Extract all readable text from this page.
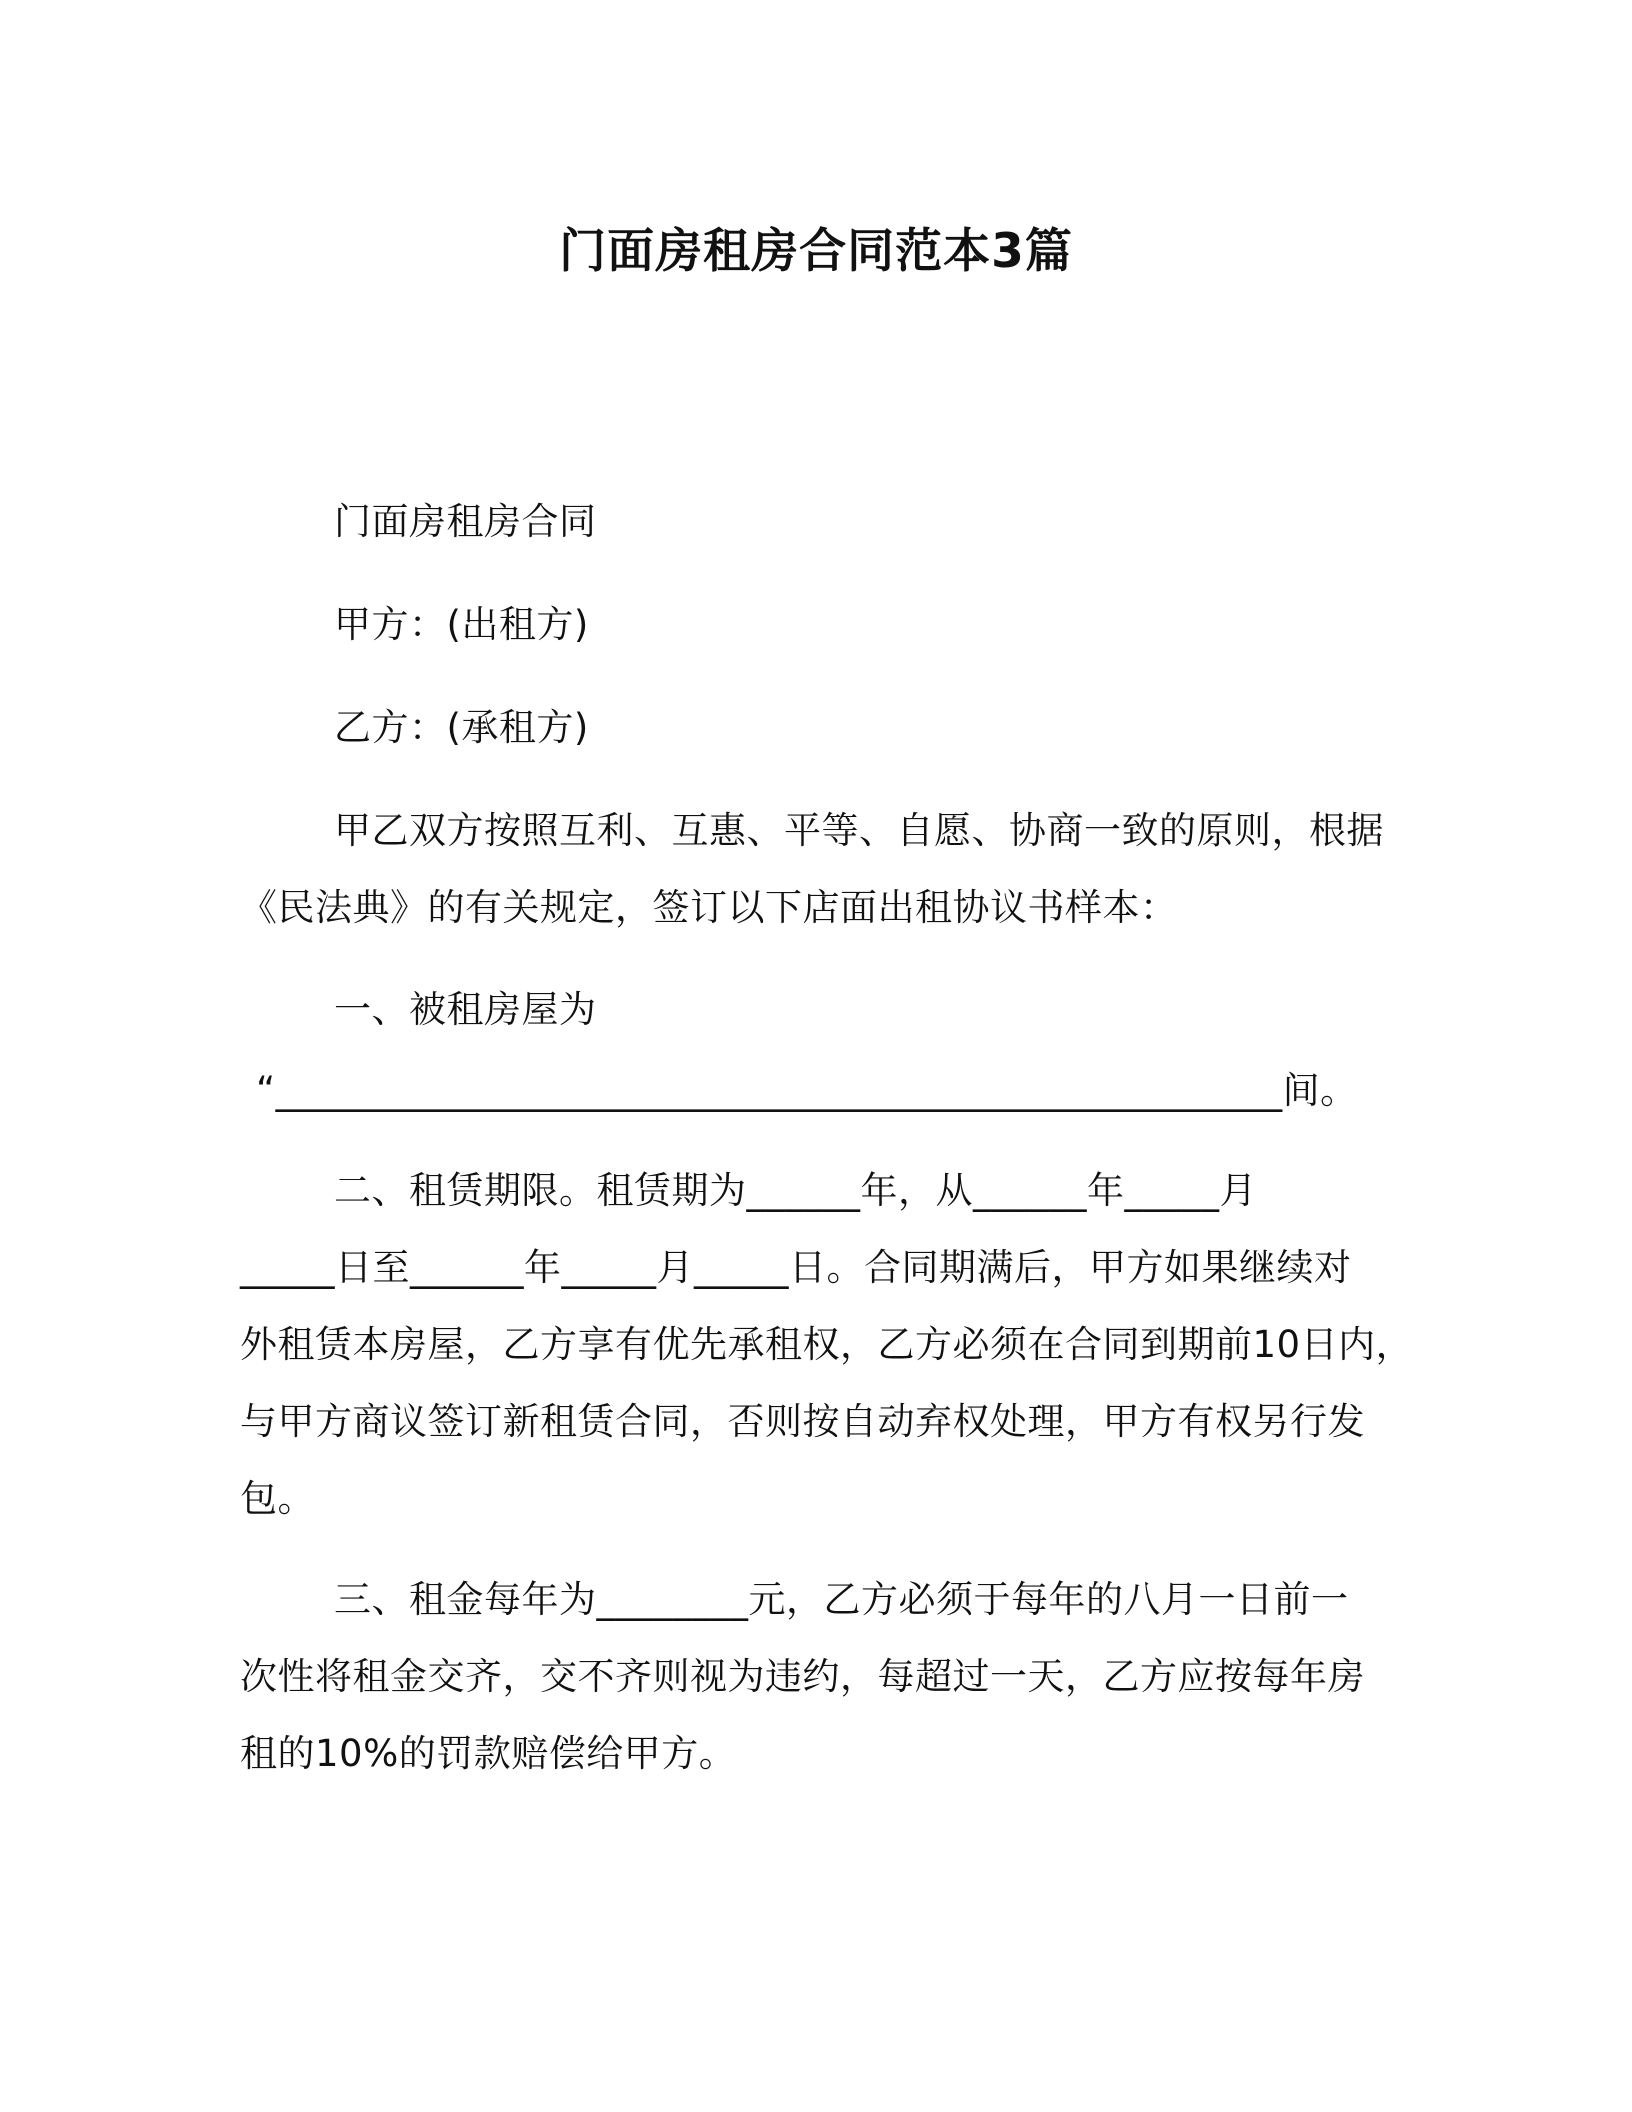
门面房租房合同范本3篇
门面房租房合同
甲方：(出租方)
乙方：(承租方)
甲乙双方按照互利、互惠、平等、自愿、协商一致的原则，根据
《民法典》的有关规定，签订以下店面出租协议书样本：
一、被租房屋为
“_____________________________________________________间。
二、租赁期限。租赁期为______年，从______年_____月
_____日至______年_____月_____日。合同期满后，甲方如果继续对
外租赁本房屋，乙方享有优先承租权，乙方必须在合同到期前10日内，
与甲方商议签订新租赁合同，否则按自动弃权处理，甲方有权另行发
包。
三、租金每年为________元，乙方必须于每年的八月一日前一
次性将租金交齐，交不齐则视为违约，每超过一天，乙方应按每年房
租的10%的罚款赔偿给甲方。
